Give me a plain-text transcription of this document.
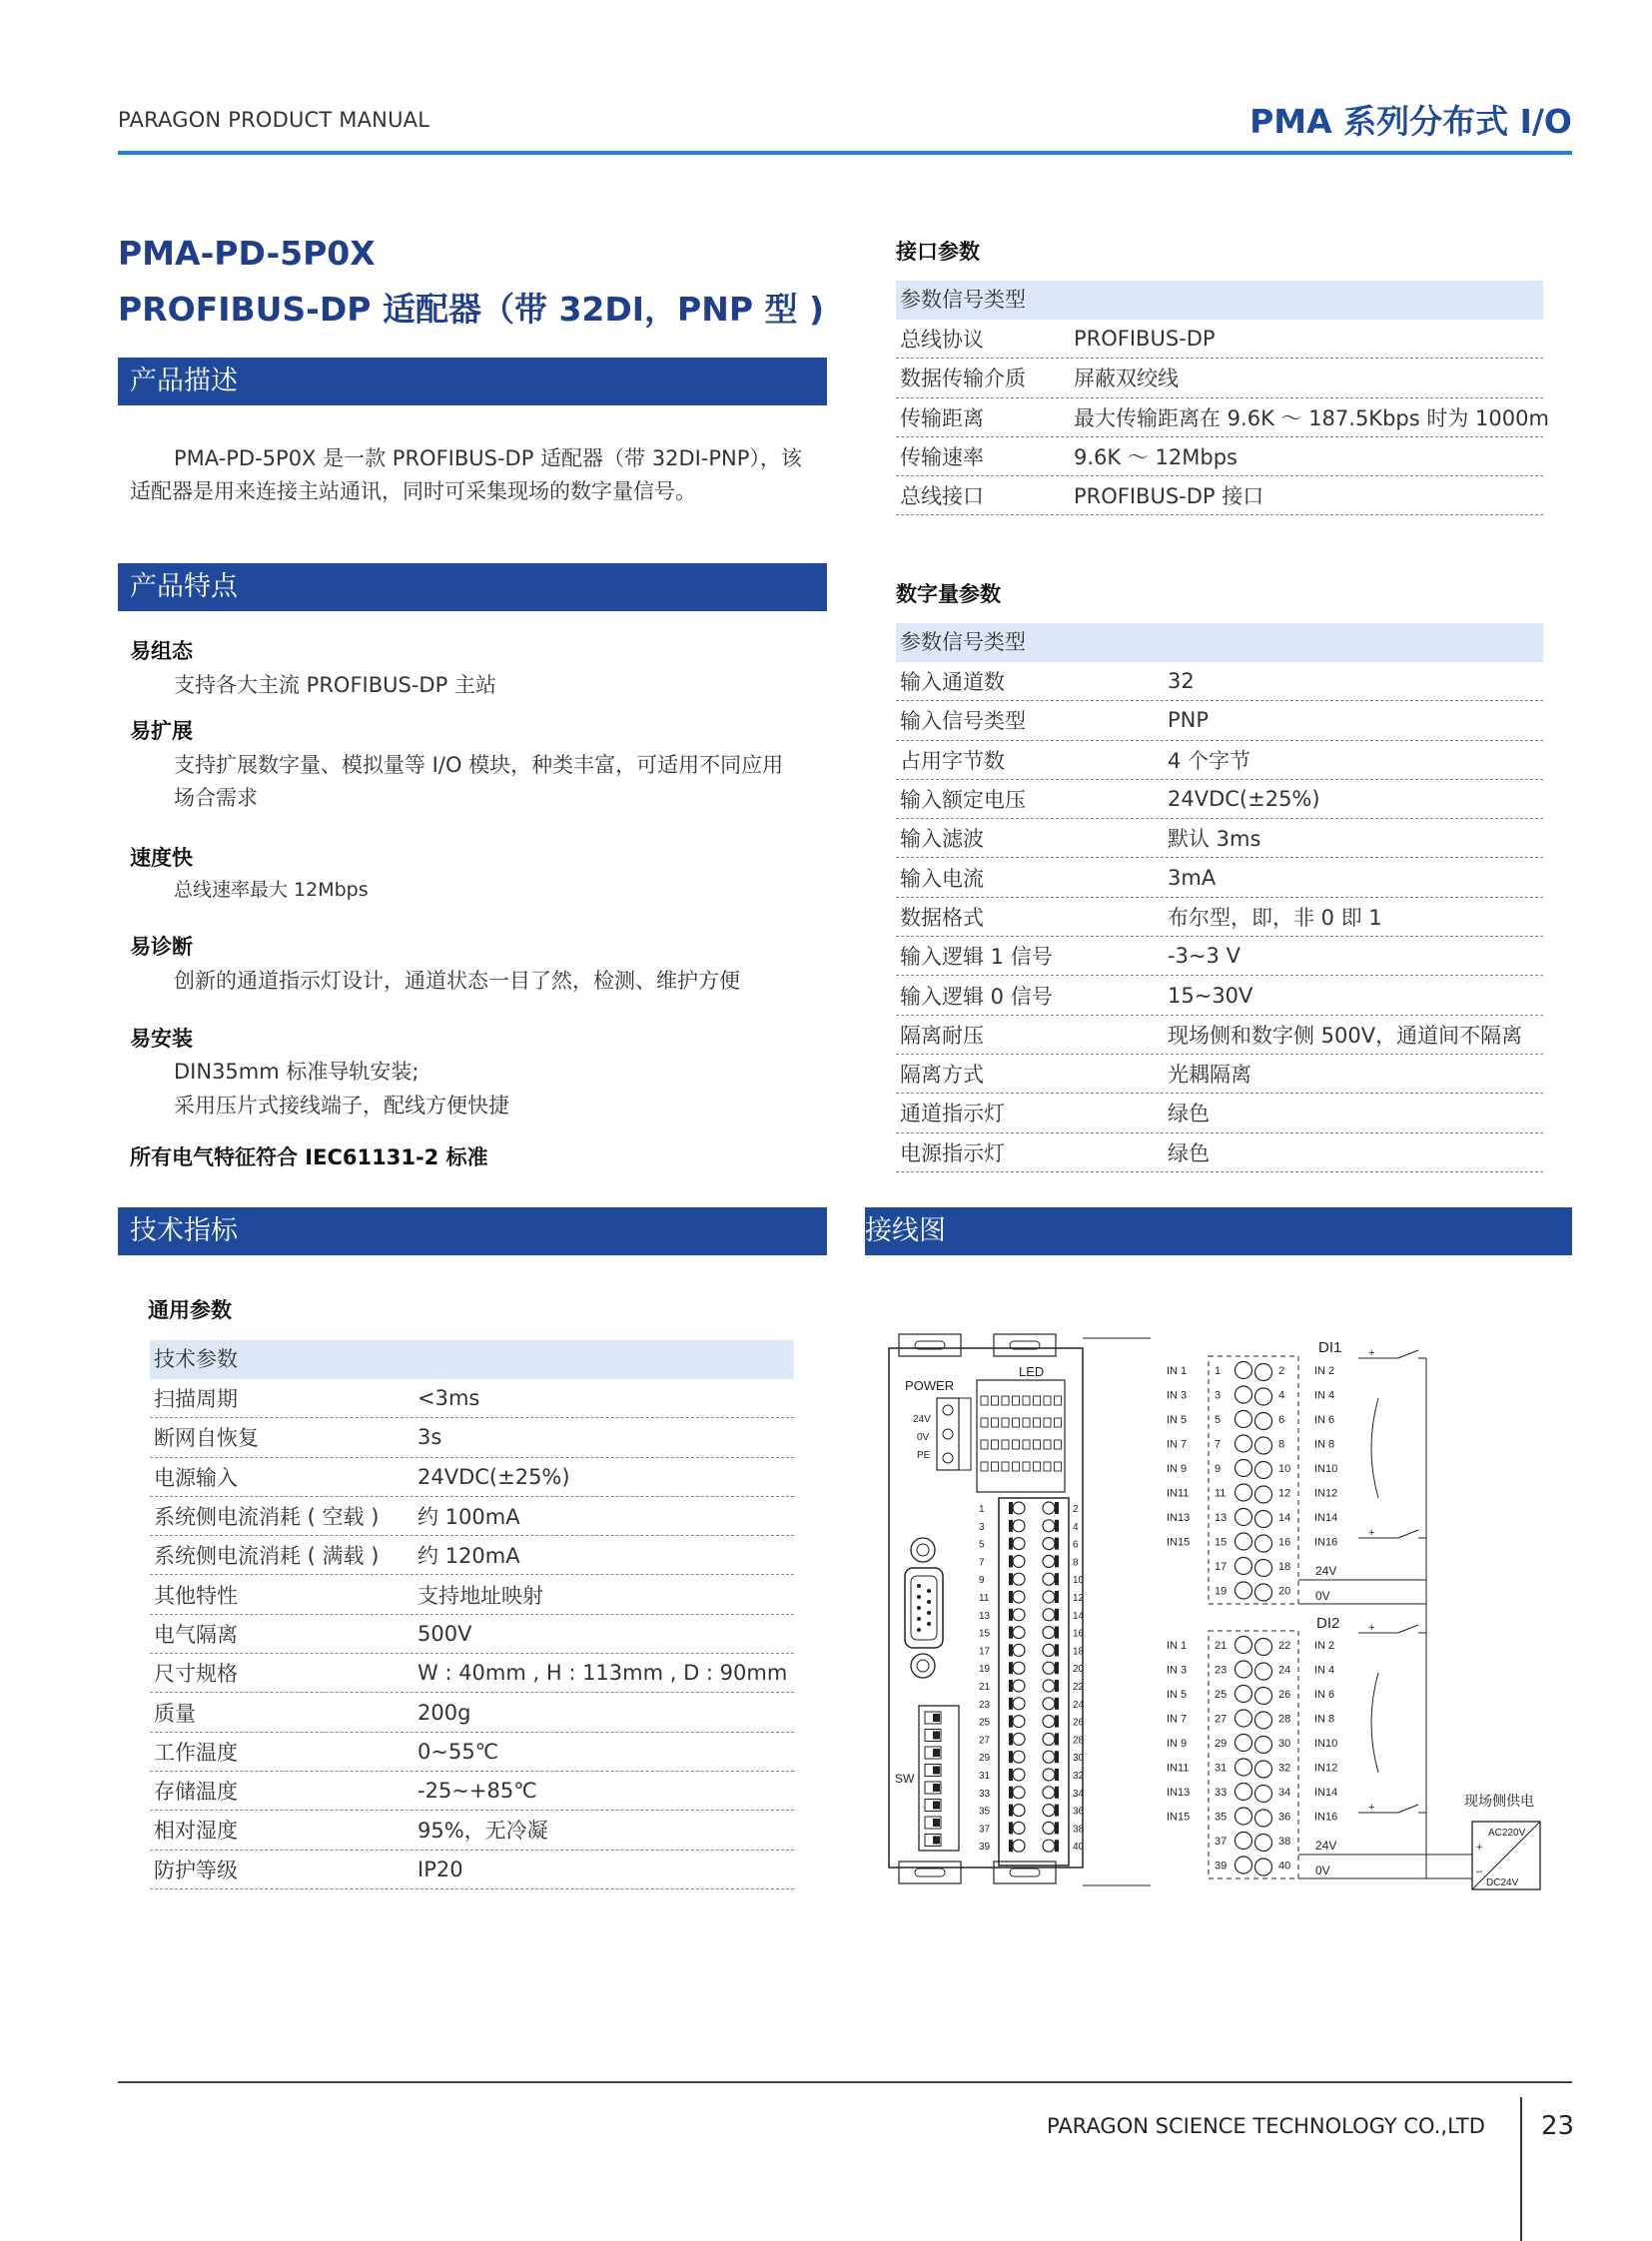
PARAGON PRODUCT MANUAL	PMA 系列分布式 I/O
PMA-PD-5P0X
PROFIBUS-DP 适配器（带 32DI，PNP 型 )
产品描述
PMA-PD-5P0X 是一款 PROFIBUS-DP 适配器（带 32DI-PNP），该
适配器是用来连接主站通讯，同时可采集现场的数字量信号。
产品特点
易组态
支持各大主流 PROFIBUS-DP 主站
易扩展
支持扩展数字量、模拟量等 I/O 模块，种类丰富，可适用不同应用
场合需求
速度快
总线速率最大 12Mbps
易诊断
创新的通道指示灯设计，通道状态一目了然，检测、维护方便
易安装
DIN35mm 标准导轨安装;
采用压片式接线端子，配线方便快捷
所有电气特征符合 IEC61131-2 标准
接口参数
参数信号类型
总线协议	PROFIBUS-DP
数据传输介质	屏蔽双绞线
传输距离	最大传输距离在 9.6K ～ 187.5Kbps 时为 1000m
传输速率	9.6K ～ 12Mbps
总线接口	PROFIBUS-DP 接口
数字量参数
参数信号类型
输入通道数	32
输入信号类型	PNP
占用字节数	4 个字节
输入额定电压	24VDC(±25%)
输入滤波	默认 3ms
输入电流	3mA
数据格式	布尔型，即，非 0 即 1
输入逻辑 1 信号	-3~3 V
输入逻辑 0 信号	15~30V
隔离耐压	现场侧和数字侧 500V，通道间不隔离
隔离方式	光耦隔离
通道指示灯	绿色
电源指示灯	绿色
技术指标
通用参数
技术参数
扫描周期	<3ms
断网自恢复	3s
电源输入	24VDC(±25%)
系统侧电流消耗 ( 空载 )	约 100mA
系统侧电流消耗 ( 满载 )	约 120mA
其他特性	支持地址映射
电气隔离	500V
尺寸规格	W : 40mm , H : 113mm , D : 90mm
质量	200g
工作温度	0~55℃
存储温度	-25~+85℃
相对湿度	95%，无冷凝
防护等级	IP20
接线图
POWER
24V
0V
PE
LED
SW
1	2
3	4
5	6
7	8
9	10
11	12
13	14
15	16
17	18
19	20
21	22
23	24
25	26
27	28
29	30
31	32
33	34
35	36
37	38
39	40
1	2
IN 1	IN 2
3	4
IN 3	IN 4
5	6
IN 5	IN 6
7	8
IN 7	IN 8
9	10
IN 9	IN10
11	12
IN11	IN12
13	14
IN13	IN14
15	16
IN15	IN16
17	18
19	20
21	22
IN 1	IN 2
23	24
IN 3	IN 4
25	26
IN 5	IN 6
27	28
IN 7	IN 8
29	30
IN 9	IN10
31	32
IN11	IN12
33	34
IN13	IN14
35	36
IN15	IN16
37	38
39	40
DI1
DI2
24V
0V
24V
0V
+
+
+
+	现场侧供电
AC220V
DC24V
+
–
PARAGON SCIENCE TECHNOLOGY CO.,LTD 23
